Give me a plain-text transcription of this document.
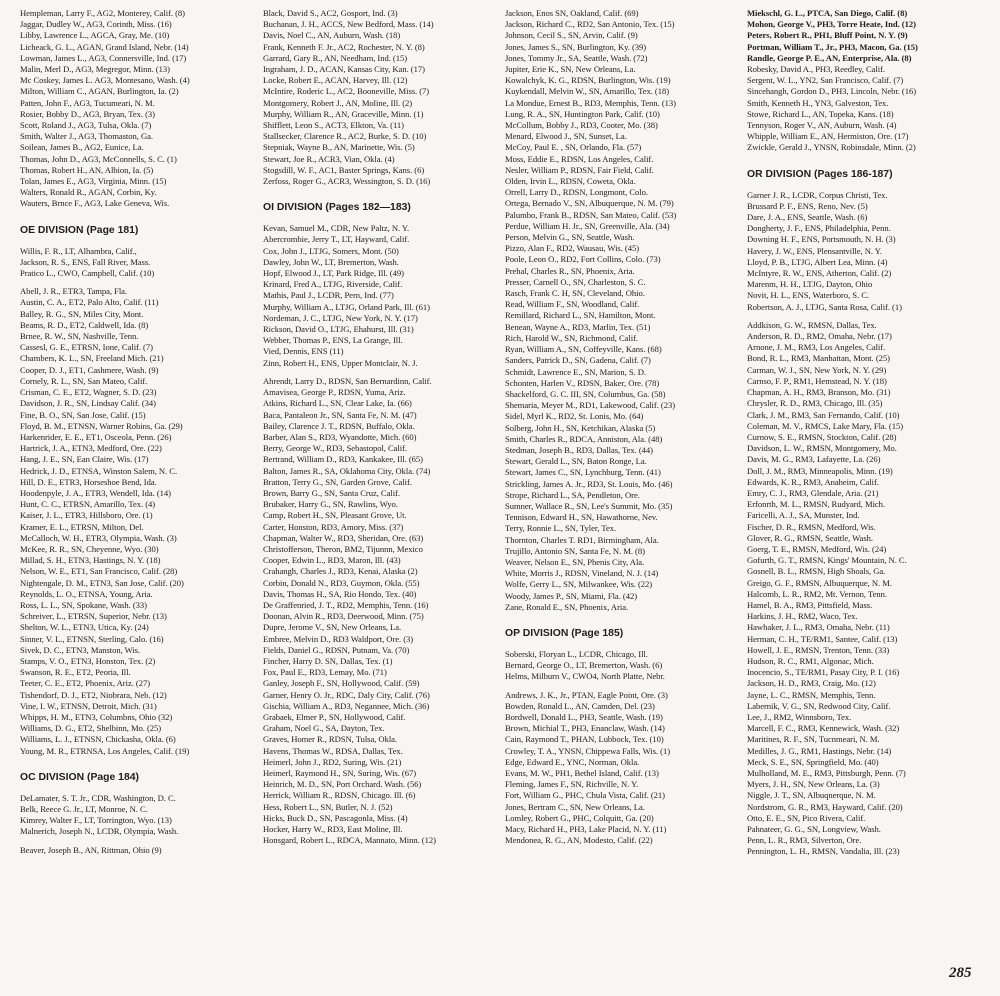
Hempleman, Larry F., AG2, Monterey, Calif. (8)
Jaggar, Dudley W., AG3, Corinth, Miss. (16)
Libby, Lawrence L., AGCA, Gray, Me. (10)
Licheack, G. L., AGAN, Grand Island, Nebr. (14)
Lowman, James L., AG3, Connersville, Ind. (17)
Malin, Merl D., AG3, Megregor, Minn. (13)
Mc Coskey, James L. AG3, Montesano, Wash. (4)
Milton, William C., AGAN, Burlington, Ia. (2)
Patten, John F., AG3, Tucumeari, N. M.
Rosier, Bobby D., AG3, Bryan, Tex. (3)
Scott, Roland J., AG3, Tulsa, Okla. (7)
Smith, Walter J., AG3, Thomaston, Ga.
Soilean, James B., AG2, Eunice, La.
Thomas, John D., AG3, McConnells, S. C. (1)
Thomas, Robert H., AN, Albion, Ia. (5)
Tolan, James E., AG3, Virginia, Minn. (15)
Walters, Ronald R., AGAN, Corbin, Ky.
Wauters, Brnce F., AG3, Lake Geneva, Wis.
OE DIVISION (Page 181)
Willis, F. R., LT, Alhambra, Calif.,
Jackson, R. S., ENS, Fall River, Mass.
Pratico L., CWO, Campbell, Calif. (10)
Abell, J. R., ETR3, Tampa, Fla.
Austin, C. A., ET2, Palo Alto, Calif. (11)
Balley, R. G., SN, Miles City, Mont.
Beams, R. D., ET2, Caldwell, Ida. (8)
Brnee, R. W., SN, Nashville, Tenn.
Cassesl, G. E., ETRSN, Ione, Calif. (7)
Chambers, K. L., SN, Freeland Mich. (21)
Cooper, D. J., ET1, Cashmere, Wash. (9)
Cornely, R. L., SN, San Mateo, Calif.
Crisman, C. E., ET2, Wagner, S. D. (23)
Davidson, J. R., SN, Lindsay Calif. (34)
Fine, B. O., SN, San Jose, Calif. (15)
Floyd, B. M., ETNSN, Warner Robins, Ga. (29)
Harkenrider, E. E., ET1, Osceola, Penn. (26)
Hartrick, J. A., ETN3, Medford, Ore. (22)
Hang, J. E., SN, Ean Claire, Wis. (17)
Hedrick, J. D., ETNSA, Winston Salem, N. C.
Hill, D. E., ETR3, Horseshoe Bend, Ida.
Hoodenpyle, J. A., ETR3, Wendell, Ida. (14)
Hunt, C. C., ETRSN, Amarillo, Tex. (4)
Kaiser, J. L., ETR3, Hillsboro, Ore. (1)
Kramer, E. L., ETRSN, Milton, Del.
McCalloch, W. H., ETR3, Olympia, Wash. (3)
McKee, R. R., SN, Cheyenne, Wyo. (30)
Millad, S. H., ETN3, Hastings, N. Y. (18)
Nelson, W. E., ET1, San Francisco, Calif. (28)
Nightengale, D. M., ETN3, San Jose, Calif. (20)
Reynolds, L. O., ETNSA, Young, Aria.
Ross, L. L., SN, Spokane, Wash. (33)
Schreiver, L., ETRSN, Superior, Nebr. (13)
Shelton, W. L., ETN3, Utica, Ky. (24)
Sinner, V. L., ETNSN, Sterling, Calo. (16)
Sivek, D. C., ETN3, Manston, Wis.
Stamps, V. O., ETN3, Honston, Tex. (2)
Swanson, R. E., ET2, Peoria, Ill.
Teeter, C. E., ET2, Phoenix, Ariz. (27)
Tishendorf, D. J., ET2, Niobrara, Neb. (12)
Vine, I. W., ETNSN, Detroit, Mich. (31)
Whipps, H. M., ETN3, Columbns, Ohio (32)
Williams, D. G., ET2, Shelbinn, Mo. (25)
Williams, L. J., ETNSN, Chickasha, Okla. (6)
Young, M. R., ETRNSA, Los Angeles, Calif. (19)
OC DIVISION (Page 184)
DeLamater, S. T. Jr., CDR, Washington, D. C.
Belk, Reece G. Jr., LT, Monroe, N. C.
Kimrey, Walter F., LT, Torrington, Wyo. (13)
Malnerich, Joseph N., LCDR, Olympia, Wash.
Beaver, Joseph B., AN, Rittman, Ohio (9)
Black, David S., AC2, Gosport, Ind. (3)
Buchanan, J. H., ACCS, New Bedford, Mass. (14)
Davis, Noel C., AN, Auburn, Wash. (18)
Frank, Kenneth F. Jr., AC2, Rochester, N. Y. (8)
Garrard, Gary R., AN, Needham, Ind. (15)
Ingraham, J. D., ACAN, Kansas City, Kan. (17)
Locke, Robert E., ACAN, Harvey, Ill. (12)
McIntire, Roderic L., AC2, Booneville, Miss. (7)
Montgomery, Robert J., AN, Moline, Ill. (2)
Murphy, William R., AN, Graceville, Minn. (1)
Shifflett, Leon S., ACT3, Elkton, Va. (11)
Stallsecker, Clarence R., AC2, Burke, S. D. (10)
Stepniak, Wayne B., AN, Marinette, Wis. (5)
Stewart, Joe R., ACR3, Vian, Okla. (4)
Stogsdill, W. F., AC1, Baster Springs, Kans. (6)
Zerfoss, Roger G., ACR3, Wessington, S. D. (16)
OI DIVISION (Pages 182—183)
Kevan, Samuel M., CDR, New Paltz, N. Y.
Abercrombie, Jerry T., LT, Hayward, Calif.
Cox, John J., LTJG, Somers, Mont. (50)
Dawley, John W., LT, Bremerton, Wash.
Hopf, Elwood J., LT, Park Ridge, Ill. (49)
Krinard, Fred A., LTJG, Riverside, Calif.
Mathis, Paul J., LCDR, Pern, Ind. (77)
Murphy, William A., LTJG, Orland Park, Ill. (61)
Nordeman, J. C., LTJG, New York, N. Y. (17)
Rickson, David O., LTJG, Ehahurst, Ill. (31)
Webber, Thomas P., ENS, La Grange, Ill.
Vied, Dennis, ENS (11)
Zinn, Robert H., ENS, Upper Montclair, N. J.
Ahrendt, Larry D., RDSN, San Bernardinn, Calif.
Amavisea, George P., RDSN, Yuma, Ariz.
Atkins, Richard L., SN, Clear Lake, Ia. (66)
Baca, Pantaleon Jr., SN, Santa Fe, N. M. (47)
Bailey, Clarence J. T., RDSN, Buffalo, Okla.
Barber, Alan S., RD3, Wyandotte, Mich. (60)
Berry, George W., RD3, Sebastopol, Calif.
Bertrand, William D., RD3, Kankakee, Ill. (65)
Balton, James R., SA, Oklahoma City, Okla. (74)
Bratton, Terry G., SN, Garden Grove, Calif.
Brown, Barry G., SN, Santa Cruz, Calif.
Brubaker, Harry G., SN, Rawlins, Wyo.
Camp, Robert H., SN, Pleasant Grove, Ut.
Carter, Honston, RD3, Amory, Miss. (37)
Chapman, Walter W., RD3, Sheridan, Ore. (63)
Christofferson, Theron, BM2, Tijunnn, Mexico
Cooper, Edwin L., RD3, Maron, Ill. (43)
Crahangh, Charles J., RD3, Kenai, Alaska (2)
Corbin, Donald N., RD3, Guymon, Okla. (55)
Davis, Thomas H., SA, Rio Hondo, Tex. (40)
De Graffenried, J. T., RD2, Memphis, Tenn. (16)
Doonan, Alvin R., RD3, Deerwood, Minn. (75)
Dupre, Jerome V., SN, New Orleans, La.
Embree, Melvin D., RD3 Waldport, Ore. (3)
Fields, Daniel G., RDSN, Putnam, Va. (70)
Fincher, Harry D. SN, Dallas, Tex. (1)
Fox, Paul E., RD3, Lemay, Mo. (71)
Ganley, Joseph F., SN, Hollywood, Calif. (59)
Garner, Henry O. Jr., RDC, Daly City, Calif. (76)
Gischia, William A., RD3, Negannee, Mich. (36)
Grabaek, Elmer P., SN, Hollywood, Calif.
Graham, Noel G., SA, Dayton, Tex.
Graves, Homer R., RDSN, Tulsa, Okla.
Havens, Thomas W., RDSA, Dallas, Tex.
Heimerl, John J., RD2, Suring, Wis. (21)
Heimerl, Raymond H., SN, Suring, Wis. (67)
Heinrich, M. D., SN, Port Orchard. Wash. (56)
Herrick, William R., RDSN, Chicago. Ill. (6)
Hess, Robert L., SN, Butler, N. J. (52)
Hicks, Buck D., SN, Pascagonla, Miss. (4)
Hocker, Harry W., RD3, East Moline, Ill.
Honsgard, Robert L., RDCA, Mannato, Minn. (12)
Jackson, Enos SN, Oakland, Calif. (69)
Jackson, Richard C., RD2, San Antonio, Tex. (15)
Johnson, Cecil S., SN, Arvin, Calif. (9)
Jones, James S., SN, Burlington, Ky. (39)
Jones, Tommy Jr., SA, Seattle, Wash. (72)
Jupiter, Erie K., SN, New Orleans, La.
Kowalchyk, K. G., RDSN, Burlington, Wis. (19)
Kuykendall, Melvin W., SN, Amarillo, Tex. (18)
La Mondue, Ernest B., RD3, Memphis, Tenn. (13)
Lung, R. A., SN, Huntington Park, Calif. (10)
McCollum, Bobby J., RD3, Cooter, Mo. (38)
Menard, Elwood J., SN, Sunset, La.
McCoy, Paul E. , SN, Orlando, Fla. (57)
Moss, Eddie E., RDSN, Los Angeles, Calif.
Nesler, William P., RDSN, Fair Field, Calif.
Olden, Irvin L., RDSN, Coweta, Okla.
Orrell, Larry D., RDSN, Longmont, Colo.
Ortega, Bernado V., SN, Albuquerque, N. M. (79)
Palumbo, Frank B., RDSN, San Mateo, Calif. (53)
Perdue, William H. Jr., SN, Greenville, Ala. (34)
Person, Melvin G., SN, Seattle, Wash.
Pizzo, Alan F., RD2, Wausau, Wis. (45)
Poole, Leon O., RD2, Fort Collins, Colo. (73)
Prehal, Charles R., SN, Phoenix, Aria.
Presser, Carnell O., SN, Charleston, S. C.
Rasch, Frank C. H, SN, Cleveland, Ohio.
Read, William F., SN, Woodland, Calif.
Remillard, Richard L., SN, Hamilton, Mont.
Benean, Wayne A., RD3, Marlin, Tex. (51)
Rich, Harold W., SN, Richmond, Calif.
Ryan, William A., SN, Coffeyville, Kans. (68)
Sanders, Patrick D., SN, Gadena, Calif. (7)
Schmidt, Lawrence E., SN, Marion, S. D.
Schonten, Harlen V., RDSN, Baker, Ore. (78)
Shackelford, G. C. III, SN, Columbus, Ga. (58)
Shemaria, Meyer M., RD1, Lakewood, Calif. (23)
Sidel, Myrl K., RD2, St. Lonis, Mo. (64)
Solberg, John H., SN, Ketchikan, Alaska (5)
Smith, Charles R., RDCA, Anniston, Ala. (48)
Stedman, Joseph B., RD3, Dallas, Tex. (44)
Stewart, Gerald L., SN, Baton Ronge, La.
Stewart, James C., SN, Lynchburg, Tenn. (41)
Strickling, James A. Jr., RD3, St. Louis, Mo. (46)
Strope, Richard L., SA, Pendleton, Ore.
Sumner, Wallace R., SN, Lee's Summit, Mo. (35)
Tennison, Edward H., SN, Hawathorne, Nev.
Terry, Ronnie L., SN, Tyler, Tex.
Thornton, Charles T. RD1, Birmingham, Ala.
Trujillo, Antonio SN, Santa Fe, N. M. (8)
Weaver, Nelson E., SN, Phenis City, Ala.
White, Morris J., RDSN, Vineland, N. J. (14)
Wolfe, Gerry L., SN, Milwankee, Wis. (22)
Woody, James P., SN, Miami, Fla. (42)
Zane, Ronald E., SN, Phoenix, Aria.
OP DIVISION (Page 185)
Soberski, Floryan L., LCDR, Chicago, Ill.
Bernard, George O., LT, Bremerton, Wash. (6)
Helms, Milburn V., CWO4, North Platte, Nebr.
Andrews, J. K., Jr., PTAN, Eagle Point, Ore. (3)
Bowden, Ronald L., AN, Camden, Del. (23)
Bordwell, Donald L., PH3, Seattle, Wash. (19)
Brown, Michial T., PH3, Enanclaw, Wash. (14)
Cain, Raymond T., PHAN, Lubbock, Tex. (10)
Crowley, T. A., YNSN, Chippewa Falls, Wis. (1)
Edge, Edward E., YNC, Norman, Okla.
Evans, M. W., PH1, Bethel Island, Calif. (13)
Fleming, James F., SN, Richville, N. Y.
Fort, William G., PHC, Chula Vista, Calif. (21)
Jones, Bertram C., SN, New Orleans, La.
Lomley, Robert G., PHC, Colquitt, Ga. (20)
Macy, Richard H., PH3, Lake Placid, N. Y. (11)
Mendonea, R. G., AN, Modesto, Calif. (22)
Miekschl, G. L., PTCA, San Diego, Calif. (8)
Mohon, George V., PH3, Torre Heate, Ind. (12)
Peters, Robert R., PH1, Bluff Point, N. Y. (9)
Portman, William T., Jr., PH3, Macon, Ga. (15)
Randle, George P. E., AN, Enterprise, Ala. (8)
Robesky, David A., PH3, Reedley, Calif.
Sergent, W. L., YN2, San Francisco, Calif. (7)
Sincehangh, Gordon D., PH3, Lincoln, Nebr. (16)
Smith, Kenneth H., YN3, Galveston, Tex.
Stowe, Richard L., AN, Topeka, Kans. (18)
Tennyson, Roger V., AN, Auburn, Wash. (4)
Whipple, William E., AN, Hermiston, Ore. (17)
Zwickle, Gerald J., YNSN, Robinsdale, Minn. (2)
OR DIVISION (Pages 186-187)
Garner J. R., LCDR, Corpus Christi, Tex.
Brussard P. F., ENS, Reno, Nev. (5)
Dare, J. A., ENS, Seattle, Wash. (6)
Dongherty, J. F., ENS, Philadelphia, Penn.
Downing H. F., ENS, Portsmouth, N. H. (3)
Havery, J. W., ENS, Plensantville, N. Y.
Lloyd, P. B., LTJG, Albert Lea, Minn. (4)
McIntyre, R. W., ENS, Atherton, Calif. (2)
Marenm, H. H., LTJG, Dayton, Ohio
Novit, H. L., ENS, Waterboro, S. C.
Robertson, A. J., LTJG, Santa Rosa, Calif. (1)
Addkison, G. W., RMSN, Dallas, Tex.
Anderson, R. D., RM2, Omaha, Nebr. (17)
Arnone, J. M., RM3, Los Angeles, Calif.
Bond, R. L., RM3, Manhattan, Mont. (25)
Carman, W. J., SN, New York, N. Y. (29)
Carnso, F. P., RM1, Hemstead, N. Y. (18)
Chapman, A. H., RM3, Branson, Mo. (31)
Chrysler, R. D., RM3, Chicago, Ill. (35)
Clark, J. M., RM3, San Fernando, Calif. (10)
Coleman, M. V., RMCS, Lake Mary, Fla. (15)
Curnow, S. E., RMSN, Stockton, Calif. (28)
Davidson, L. W., RMSN, Montgomery, Mo.
Davis, M. G., RM3, Lafayette, La. (26)
Doll, J. M., RM3, Minneapolis, Minn. (19)
Edwards, K. R., RM3, Anaheim, Calif.
Emry, C. J., RM3, Glendale, Aria. (21)
Erfonrth, M. L., RMSN, Rudyard, Mich.
Faricelli, A. J., SA, Munster, Ind.
Fischer, D. R., RMSN, Medford, Wis.
Glover, R. G., RMSN, Seattle, Wash.
Goerg, T. E., RMSN, Medford, Wis. (24)
Gofurth, G. T., RMSN, Kings' Mountain, N. C.
Gosnell, B. L., RMSN, High Shoals, Ga.
Greigo, G. F., RMSN, Albuquerque, N. M.
Halcomb, L. R., RM2, Mt. Vernon, Tenn.
Hamel, B. A., RM3, Pittsfield, Mass.
Harkins, J. H., RM2, Waco, Tex.
Hawhaker, J. L., RM3, Omaha, Nebr. (11)
Herman, C. H., TE/RM1, Santee, Calif. (13)
Howell, J. E., RMSN, Trenton, Tenn. (33)
Hudson, R. C., RM1, Algonac, Mich.
Inocencio, S., TE/RM1, Pasay City, P. I. (16)
Jackson, H. D., RM3, Craig, Mo. (12)
Jayne, L. C., RMSN, Memphis, Tenn.
Labernik, V. G., SN, Redwood City, Calif.
Lee, J., RM2, Winnsboro, Tex.
Marcell, F. C., RM3, Kennewick, Wash. (32)
Maritines, R. F., SN, Tucnmeari, N. M.
Medilles, J. G., RM1, Hastings, Nebr. (14)
Meck, S. E., SN, Springfield, Mo. (40)
Mulholland, M. E., RM3, Pittsburgh, Penn. (7)
Myers, J. H., SN, New Orleans, La. (3)
Niggle, J. T., SN, Albuqnerque, N. M.
Nordstrom, G. R., RM3, Hayward, Calif. (20)
Otto, E. E., SN, Pico Rivera, Calif.
Pahnateer, G. G., SN, Longview, Wash.
Penn, L. R., RM3, Silverton, Ore.
Pennington, L. H., RMSN, Vandalia, Ill. (23)
285
